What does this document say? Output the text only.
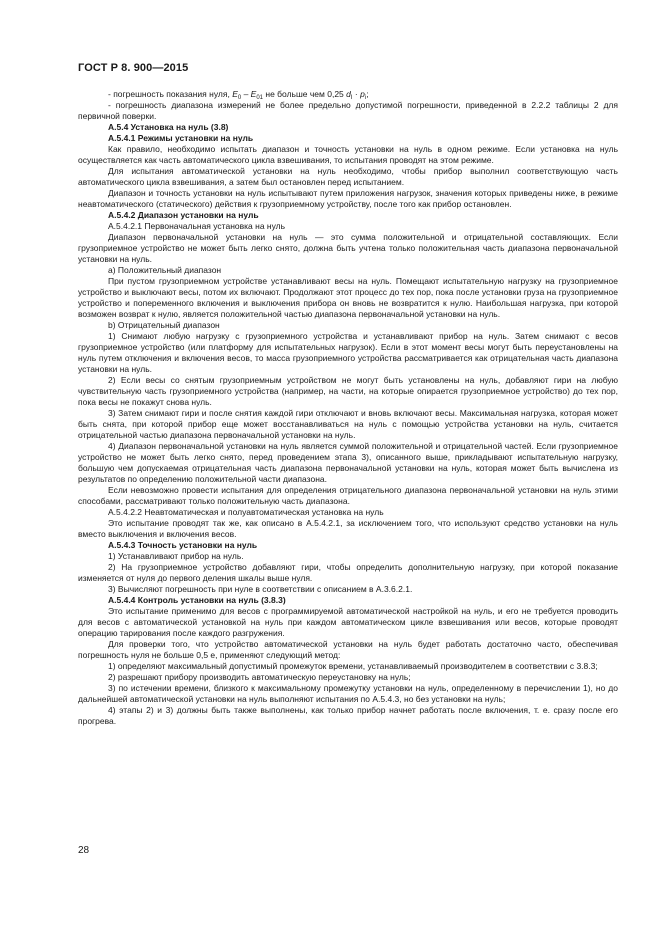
ГОСТ Р 8. 900—2015

- погрешность показания нуля, $E_0 - E_{01}$ не больше чем 0,25 $d_I \cdot p_i$;

- погрешность диапазона измерений не более предельно допустимой погрешности, приведенной в 2.2.2 таблицы 2 для первичной поверки.

А.5.4 Установка на нуль (3.8)

А.5.4.1 Режимы установки на нуль

Как правило, необходимо испытать диапазон и точность установки на нуль в одном режиме. Если установка на нуль осуществляется как часть автоматического цикла взвешивания, то испытания проводят на этом режиме.

Для испытания автоматической установки на нуль необходимо, чтобы прибор выполнил соответствующую часть автоматического цикла взвешивания, а затем был остановлен перед испытанием.

Диапазон и точность установки на нуль испытывают путем приложения нагрузок, значения которых приведены ниже, в режиме неавтоматического (статического) действия к грузоприемному устройству, после того как прибор остановлен.

А.5.4.2 Диапазон установки на нуль

А.5.4.2.1 Первоначальная установка на нуль

Диапазон первоначальной установки на нуль — это сумма положительной и отрицательной составляющих. Если грузоприемное устройство не может быть легко снято, должна быть учтена только положительная часть диапазона первоначальной установки на нуль.

а) Положительный диапазон

При пустом грузоприемном устройстве устанавливают весы на нуль. Помещают испытательную нагрузку на грузоприемное устройство и выключают весы, потом их включают. Продолжают этот процесс до тех пор, пока после установки груза на грузоприемное устройство и попеременного включения и выключения прибора он вновь не возвратится к нулю. Наибольшая нагрузка, при которой возможен возврат к нулю, является положительной частью диапазона первоначальной установки на нуль.

b) Отрицательный диапазон

1) Снимают любую нагрузку с грузоприемного устройства и устанавливают прибор на нуль. Затем снимают с весов грузоприемное устройство (или платформу для испытательных нагрузок). Если в этот момент весы могут быть переустановлены на нуль путем отключения и включения весов, то масса грузоприемного устройства рассматривается как отрицательная часть диапазона установки на нуль.

2) Если весы со снятым грузоприемным устройством не могут быть установлены на нуль, добавляют гири на любую чувствительную часть грузоприемного устройства (например, на части, на которые опирается грузоприемное устройство) до тех пор, пока весы не покажут снова нуль.

3) Затем снимают гири и после снятия каждой гири отключают и вновь включают весы. Максимальная нагрузка, которая может быть снята, при которой прибор еще может восстанавливаться на нуль с помощью устройства установки на нуль, считается отрицательной частью диапазона первоначальной установки на нуль.

4) Диапазон первоначальной установки на нуль является суммой положительной и отрицательной частей. Если грузоприемное устройство не может быть легко снято, перед проведением этапа 3), описанного выше, прикладывают испытательную нагрузку, большую чем допускаемая отрицательная часть диапазона первоначальной установки на нуль, которая может быть вычислена из результатов по определению положительной части диапазона.

Если невозможно провести испытания для определения отрицательного диапазона первоначальной установки на нуль этими способами, рассматривают только положительную часть диапазона.

А.5.4.2.2 Неавтоматическая и полуавтоматическая установка на нуль

Это испытание проводят так же, как описано в А.5.4.2.1, за исключением того, что используют средство установки на нуль вместо выключения и включения весов.

А.5.4.3 Точность установки на нуль

1) Устанавливают прибор на нуль.

2) На грузоприемное устройство добавляют гири, чтобы определить дополнительную нагрузку, при которой показание изменяется от нуля до первого деления шкалы выше нуля.

3) Вычисляют погрешность при нуле в соответствии с описанием в А.3.6.2.1.

А.5.4.4 Контроль установки на нуль (3.8.3)

Это испытание применимо для весов с программируемой автоматической настройкой на нуль, и его не требуется проводить для весов с автоматической установкой на нуль при каждом автоматическом цикле взвешивания или весов, которые проводят операцию тарирования после каждого разгружения.

Для проверки того, что устройство автоматической установки на нуль будет работать достаточно часто, обеспечивая погрешность нуля не больше 0,5 е, применяют следующий метод:

1) определяют максимальный допустимый промежуток времени, устанавливаемый производителем в соответствии с 3.8.3;

2) разрешают прибору производить автоматическую переустановку на нуль;

3) по истечении времени, близкого к максимальному промежутку установки на нуль, определенному в перечислении 1), но до дальнейшей автоматической установки на нуль выполняют испытания по А.5.4.3, но без установки на нуль;

4) этапы 2) и 3) должны быть также выполнены, как только прибор начнет работать после включения, т. е. сразу после его прогрева.

28
